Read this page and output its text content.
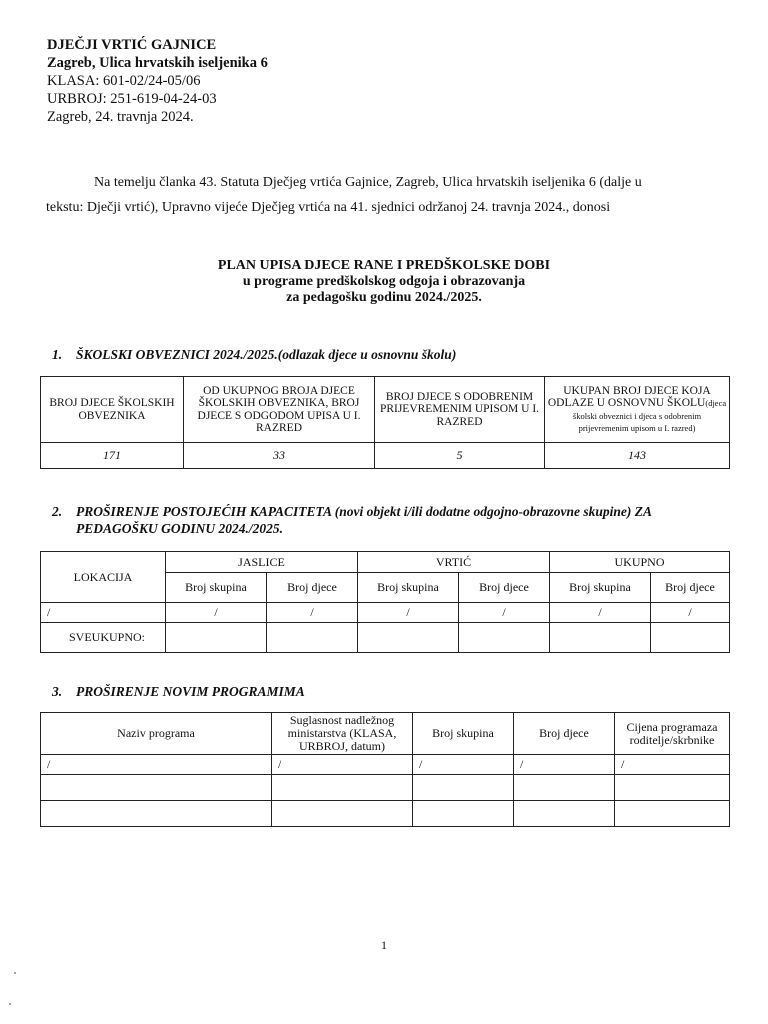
DJEČJI VRTIĆ GAJNICE
Zagreb, Ulica hrvatskih iseljenika 6
KLASA: 601-02/24-05/06
URBROJ: 251-619-04-24-03
Zagreb, 24. travnja 2024.
Na temelju članka 43. Statuta Dječjeg vrtića Gajnice, Zagreb, Ulica hrvatskih iseljenika 6 (dalje u
tekstu: Dječji vrtić), Upravno vijeće Dječjeg vrtića na 41. sjednici održanoj 24. travnja 2024., donosi
PLAN UPISA DJECE RANE I PREDŠKOLSKE DOBI
u programe predškolskog odgoja i obrazovanja
za pedagošku godinu 2024./2025.
1. ŠKOLSKI OBVEZNICI 2024./2025.(odlazak djece u osnovnu školu)
BROJ DJECE ŠKOLSKIH OBVEZNIKA	OD UKUPNOG BROJA DJECE ŠKOLSKIH OBVEZNIKA, BROJ DJECE S ODGODOM UPISA U I. RAZRED	BROJ DJECE S ODOBRENIM PRIJEVREMENIM UPISOM U I. RAZRED	UKUPAN BROJ DJECE KOJA ODLAZE U OSNOVNU ŠKOLU(djeca školski obveznici i djeca s odobrenim prijevremenim upisom u I. razred)
171	33	5	143
2. PROŠIRENJE POSTOJEĆIH KAPACITETA (novi objekt i/ili dodatne odgojno-obrazovne skupine) ZA
PEDAGOŠKU GODINU 2024./2025.
LOKACIJA	JASLICE		VRTIĆ		UKUPNO	
	Broj skupina	Broj djece	Broj skupina	Broj djece	Broj skupina	Broj djece
/	/	/	/	/	/	/
SVEUKUPNO:						
3. PROŠIRENJE NOVIM PROGRAMIMA
Naziv programa	Suglasnost nadležnog ministarstva (KLASA, URBROJ, datum)	Broj skupina	Broj djece	Cijena programaza roditelje/skrbnike
/	/	/	/	/

1
